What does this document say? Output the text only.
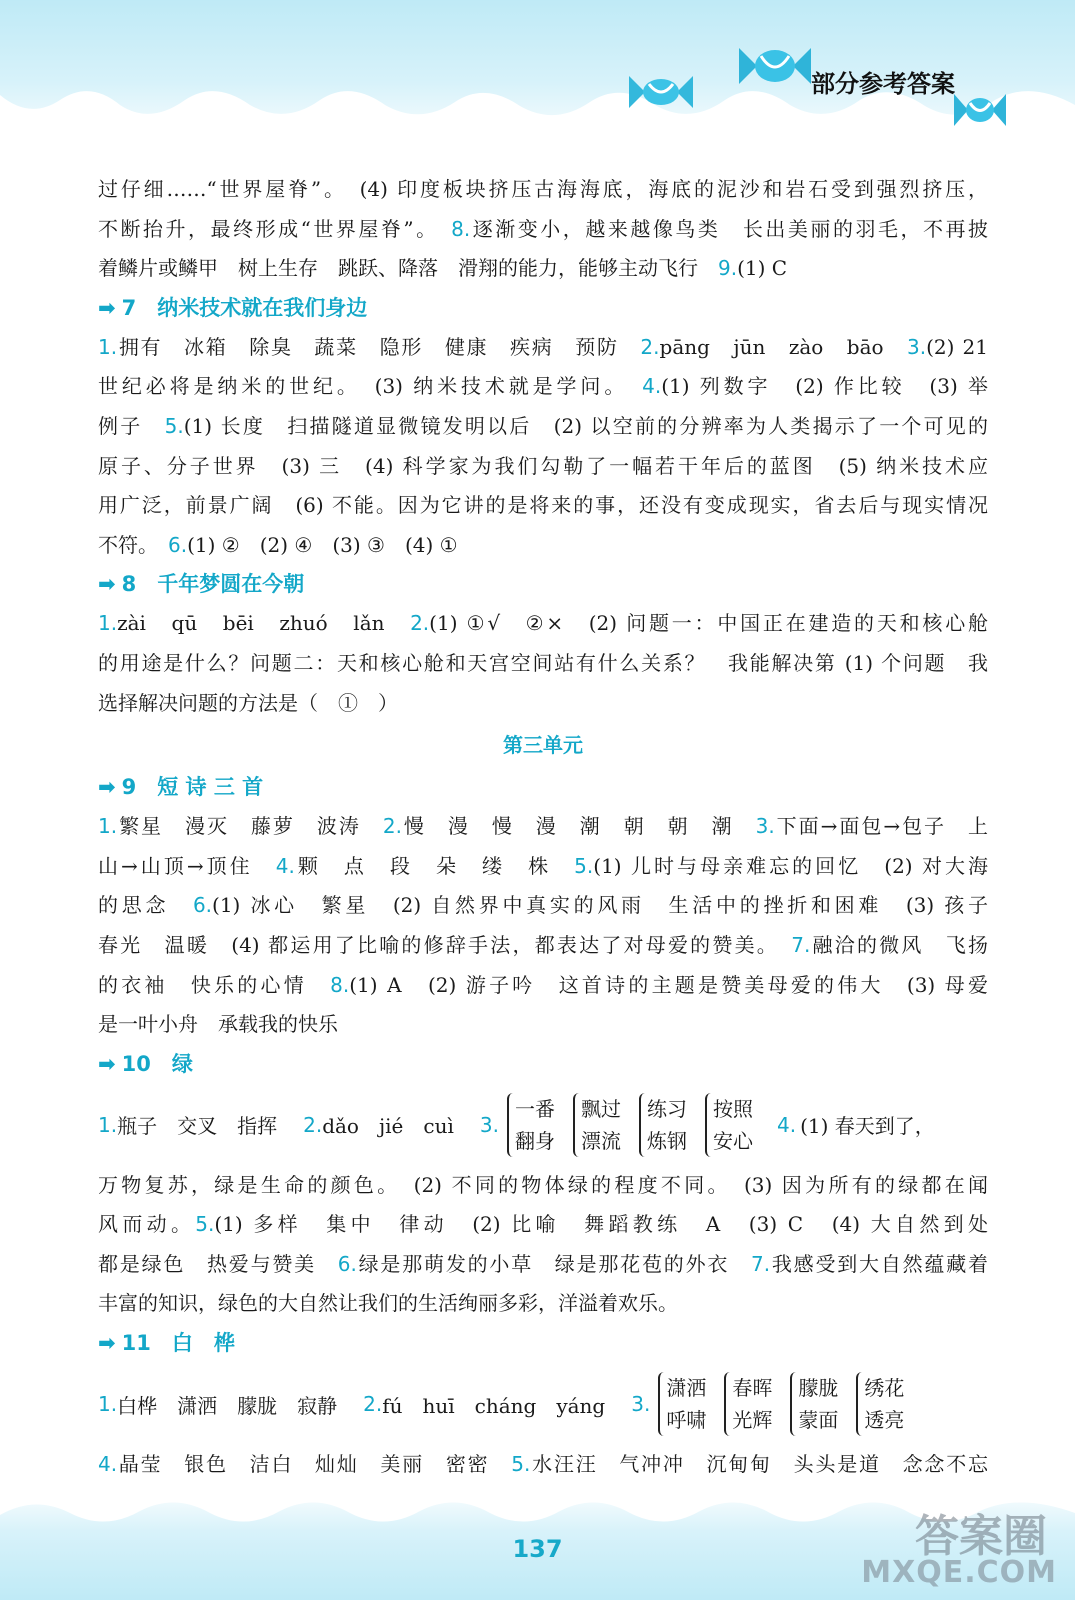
部分参考答案
过仔细……“世界屋脊”。　(4) 印度板块挤压古海海底，海底的泥沙和岩石受到强烈挤压，
不断抬升，最终形成“世界屋脊”。　8.逐渐变小，越来越像鸟类　长出美丽的羽毛，不再披
着鳞片或鳞甲　树上生存　跳跃、降落　滑翔的能力，能够主动飞行　9.(1) C
➡ 7　纳米技术就在我们身边
1.拥有　冰箱　除臭　蔬菜　隐形　健康　疾病　预防　2.pāng　jūn　zào　bāo　3.(2) 21
世纪必将是纳米的世纪。　(3) 纳米技术就是学问。　4.(1) 列数字　(2) 作比较　(3) 举
例子　5.(1) 长度　扫描隧道显微镜发明以后　(2) 以空前的分辨率为人类揭示了一个可见的
原子、分子世界　(3) 三　(4) 科学家为我们勾勒了一幅若干年后的蓝图　(5) 纳米技术应
用广泛，前景广阔　(6) 不能。因为它讲的是将来的事，还没有变成现实，省去后与现实情况
不符。　6.(1) ②　(2) ④　(3) ③　(4) ①
➡ 8　千年梦圆在今朝
1.zài　qū　bēi　zhuó　lǎn　2.(1) ①√　②×　(2) 问题一：中国正在建造的天和核心舱
的用途是什么？问题二：天和核心舱和天宫空间站有什么关系？　我能解决第 (1) 个问题　我
选择解决问题的方法是（　①　）
第三单元
➡ 9　短 诗 三 首
1.繁星　漫灭　藤萝　波涛　2.慢　漫　慢　漫　潮　朝　朝　潮　3.下面→面包→包子　上
山→山顶→顶住　4.颗　点　段　朵　缕　株　5.(1) 儿时与母亲难忘的回忆　(2) 对大海
的思念　6.(1) 冰心　繁星　(2) 自然界中真实的风雨　生活中的挫折和困难　(3) 孩子
春光　温暖　(4) 都运用了比喻的修辞手法，都表达了对母爱的赞美。　7.融洽的微风　飞扬
的衣袖　快乐的心情　8.(1) A　(2) 游子吟　这首诗的主题是赞美母爱的伟大　(3) 母爱
是一叶小舟　承载我的快乐
➡ 10　绿
1. 瓶子　交叉　指挥 2. dǎo　jié　cuì 3.
一番
翻身
飘过
漂流
练习
炼钢
按照
安心
4. (1) 春天到了，
万物复苏，绿是生命的颜色。　(2) 不同的物体绿的程度不同。　(3) 因为所有的绿都在闻
风而动。5.(1) 多样　集中　律动　(2) 比喻　舞蹈教练　A　(3) C　(4) 大自然到处
都是绿色　热爱与赞美　6.绿是那萌发的小草　绿是那花苞的外衣　7.我感受到大自然蕴藏着
丰富的知识，绿色的大自然让我们的生活绚丽多彩，洋溢着欢乐。
➡ 11　白　桦
1. 白桦　潇洒　朦胧　寂静 2. fú　huī　cháng　yáng 3.
潇洒
呼啸
春晖
光辉
朦胧
蒙面
绣花
透亮
4.晶莹　银色　洁白　灿灿　美丽　密密　5.水汪汪　气冲冲　沉甸甸　头头是道　念念不忘
137	答案圈
MXQE.COM
